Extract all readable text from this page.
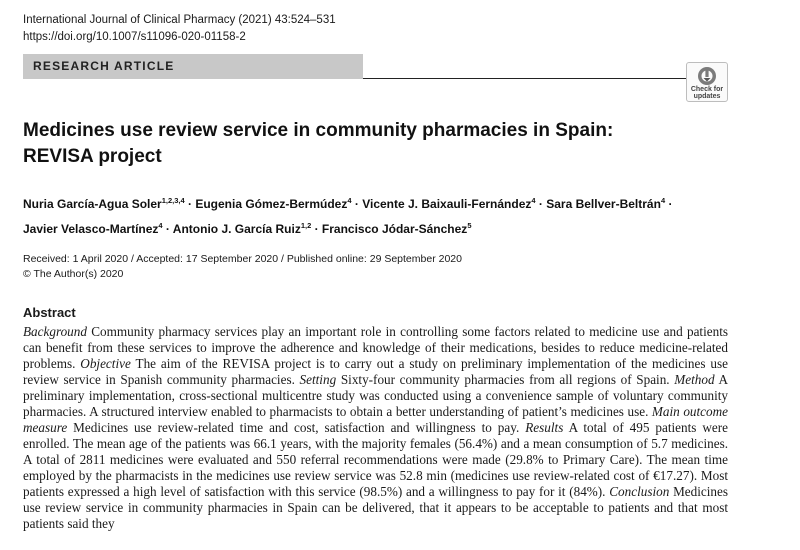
International Journal of Clinical Pharmacy (2021) 43:524–531
https://doi.org/10.1007/s11096-020-01158-2
RESEARCH ARTICLE
Check for
updates
Medicines use review service in community pharmacies in Spain:
REVISA project
Nuria García-Agua Soler$^{1,2,3,4}$ · Eugenia Gómez-Bermúdez$^4$ · Vicente J. Baixauli-Fernández$^4$ · Sara Bellver-Beltrán$^4$ ·
Javier Velasco-Martínez$^4$ · Antonio J. García Ruiz$^{1,2}$ · Francisco Jódar-Sánchez$^5$
Received: 1 April 2020 / Accepted: 17 September 2020 / Published online: 29 September 2020
© The Author(s) 2020
Abstract
Background Community pharmacy services play an important role in controlling some factors related to medicine use and patients can benefit from these services to improve the adherence and knowledge of their medications, besides to reduce medicine-related problems. Objective The aim of the REVISA project is to carry out a study on preliminary implementation of the medicines use review service in Spanish community pharmacies. Setting Sixty-four community pharmacies from all regions of Spain. Method A preliminary implementation, cross-sectional multicentre study was conducted using a convenience sample of voluntary community pharmacies. A structured interview enabled to pharmacists to obtain a better understanding of patient’s medicines use. Main outcome measure Medicines use review-related time and cost, satisfaction and willingness to pay. Results A total of 495 patients were enrolled. The mean age of the patients was 66.1 years, with the majority females (56.4%) and a mean consumption of 5.7 medicines. A total of 2811 medicines were evaluated and 550 referral recommendations were made (29.8% to Primary Care). The mean time employed by the pharmacists in the medicines use review service was 52.8 min (medicines use review-related cost of €17.27). Most patients expressed a high level of satisfaction with this service (98.5%) and a willingness to pay for it (84%). Conclusion Medicines use review service in community pharmacies in Spain can be delivered, that it appears to be acceptable to patients and that most patients said they
